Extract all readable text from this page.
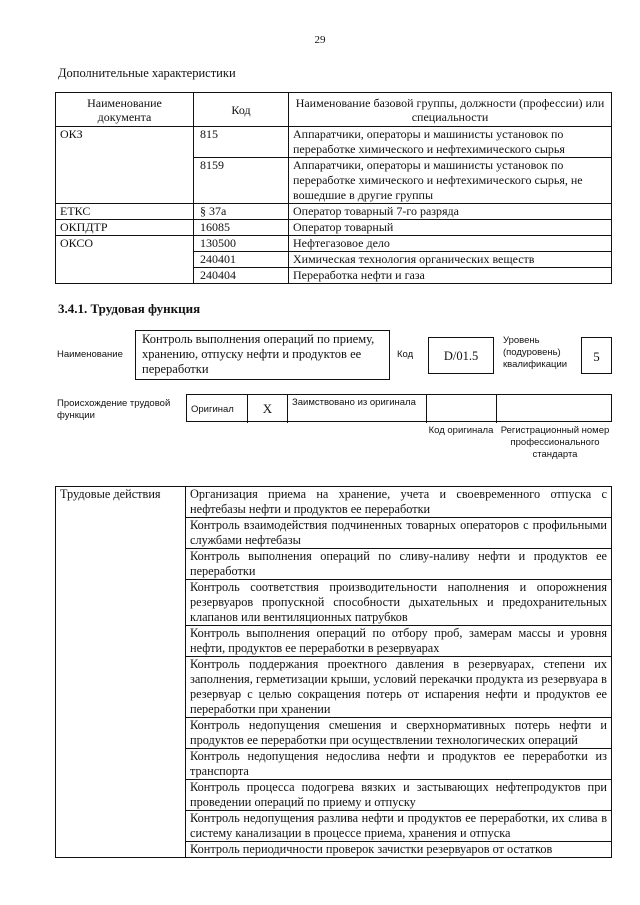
29
Дополнительные характеристики
Наименование документа	Код	Наименование базовой группы, должности (профессии) или специальности
ОКЗ	815	Аппаратчики, операторы и машинисты установок по переработке химического и нефтехимического сырья
	8159	Аппаратчики, операторы и машинисты установок по переработке химического и нефтехимического сырья, не вошедшие в другие группы
ЕТКС	§ 37а	Оператор товарный 7-го разряда
ОКПДТР	16085	Оператор товарный
ОКСО	130500	Нефтегазовое дело
	240401	Химическая технология органических веществ
	240404	Переработка нефти и газа
3.4.1. Трудовая функция
Наименование
Контроль выполнения операций по приему, хранению, отпуску нефти и продуктов ее переработки
Код	D/01.5
Уровень (подуровень) квалификации
5
Происхождение трудовой функции
Оригинал	X	Заимствовано из оригинала
Код оригинала Регистрационный номер профессионального стандарта
Трудовые действия	Организация приема на хранение, учета и своевременного отпуска с нефтебазы нефти и продуктов ее переработки
Контроль взаимодействия подчиненных товарных операторов с профильными службами нефтебазы
Контроль выполнения операций по сливу-наливу нефти и продуктов ее переработки
Контроль соответствия производительности наполнения и опорожнения резервуаров пропускной способности дыхательных и предохранительных клапанов или вентиляционных патрубков
Контроль выполнения операций по отбору проб, замерам массы и уровня нефти, продуктов ее переработки в резервуарах
Контроль поддержания проектного давления в резервуарах, степени их заполнения, герметизации крыши, условий перекачки продукта из резервуара в резервуар с целью сокращения потерь от испарения нефти и продуктов ее переработки при хранении
Контроль недопущения смешения и сверхнормативных потерь нефти и продуктов ее переработки при осуществлении технологических операций
Контроль недопущения недослива нефти и продуктов ее переработки из транспорта
Контроль процесса подогрева вязких и застывающих нефтепродуктов при проведении операций по приему и отпуску
Контроль недопущения разлива нефти и продуктов ее переработки, их слива в систему канализации в процессе приема, хранения и отпуска
Контроль периодичности проверок зачистки резервуаров от остатков
